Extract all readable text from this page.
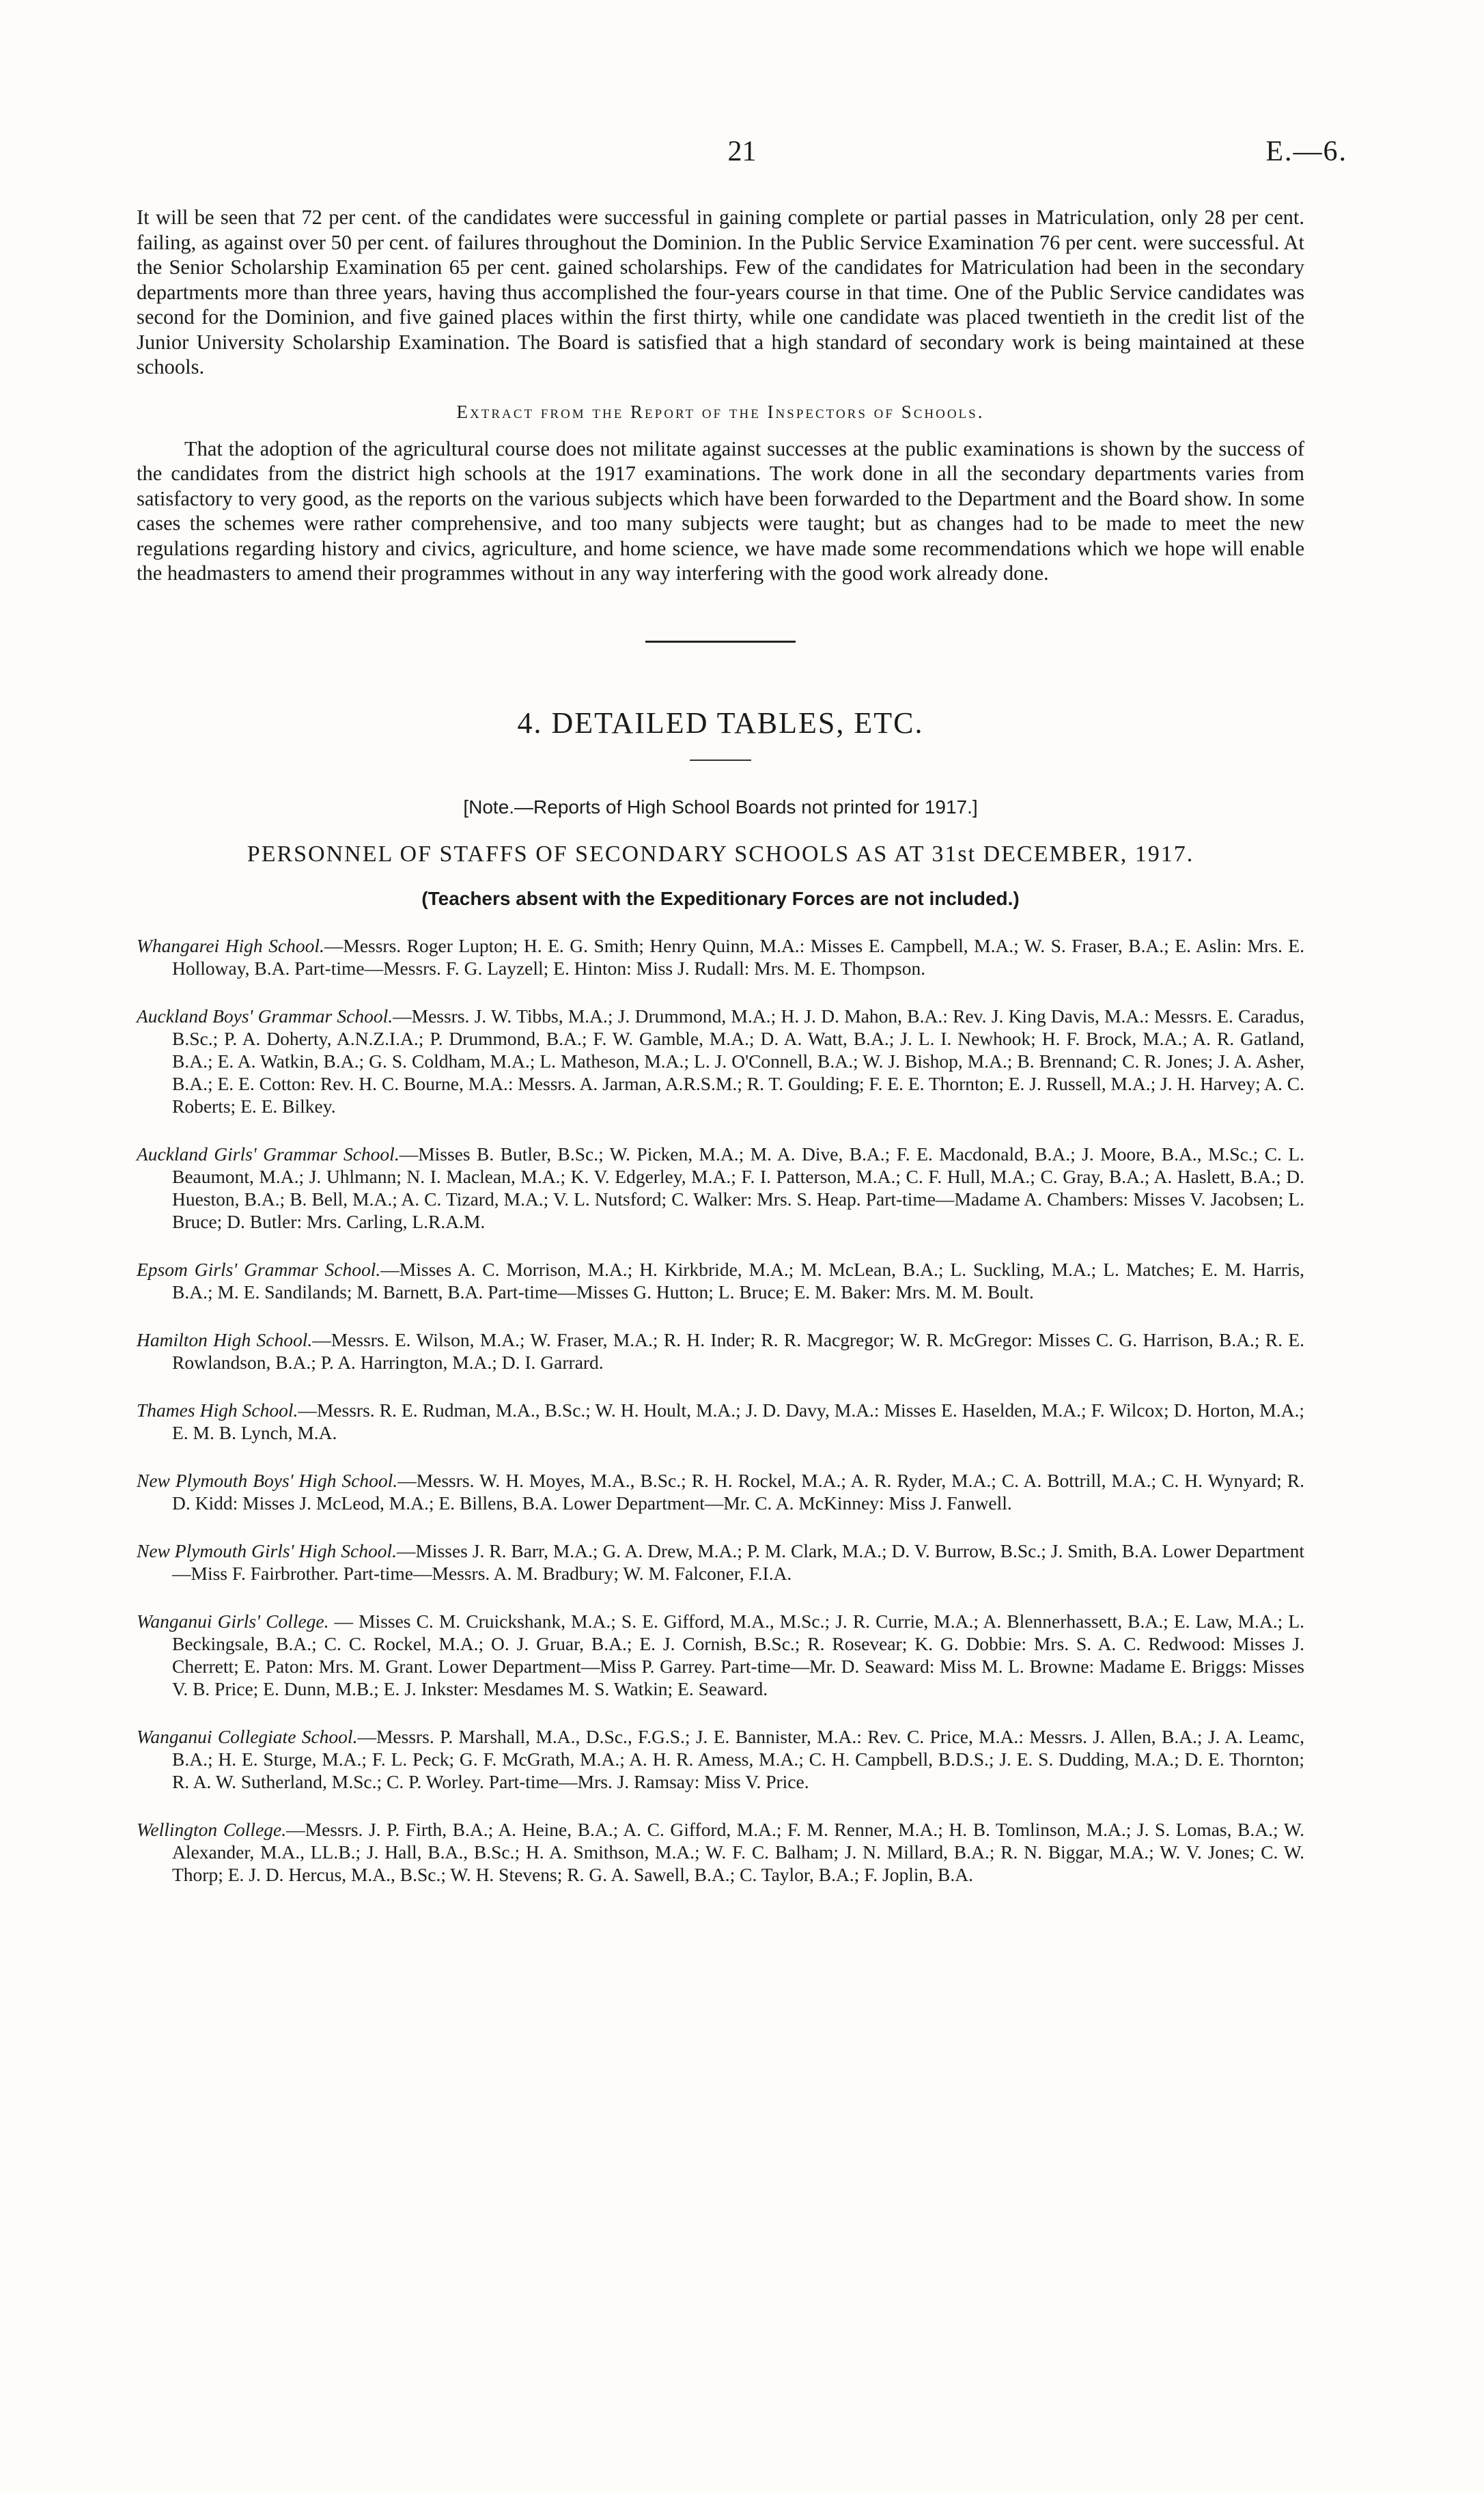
21	E.—6.

It will be seen that 72 per cent. of the candidates were successful in gaining complete or partial passes in Matriculation, only 28 per cent. failing, as against over 50 per cent. of failures throughout the Dominion. In the Public Service Examination 76 per cent. were successful. At the Senior Scholarship Examination 65 per cent. gained scholarships. Few of the candidates for Matriculation had been in the secondary departments more than three years, having thus accomplished the four-years course in that time. One of the Public Service candidates was second for the Dominion, and five gained places within the first thirty, while one candidate was placed twentieth in the credit list of the Junior University Scholarship Examination. The Board is satisfied that a high standard of secondary work is being maintained at these schools.

Extract from the Report of the Inspectors of Schools.

That the adoption of the agricultural course does not militate against successes at the public examinations is shown by the success of the candidates from the district high schools at the 1917 examinations. The work done in all the secondary departments varies from satisfactory to very good, as the reports on the various subjects which have been forwarded to the Department and the Board show. In some cases the schemes were rather comprehensive, and too many subjects were taught; but as changes had to be made to meet the new regulations regarding history and civics, agriculture, and home science, we have made some recommendations which we hope will enable the headmasters to amend their programmes without in any way interfering with the good work already done.

4. DETAILED TABLES, ETC.
[Note.—Reports of High School Boards not printed for 1917.]
PERSONNEL OF STAFFS OF SECONDARY SCHOOLS AS AT 31st DECEMBER, 1917.
(Teachers absent with the Expeditionary Forces are not included.)
Whangarei High School.—Messrs. Roger Lupton; H. E. G. Smith; Henry Quinn, M.A.: Misses E. Campbell, M.A.; W. S. Fraser, B.A.; E. Aslin: Mrs. E. Holloway, B.A. Part-time—Messrs. F. G. Layzell; E. Hinton: Miss J. Rudall: Mrs. M. E. Thompson.
Auckland Boys' Grammar School.—Messrs. J. W. Tibbs, M.A.; J. Drummond, M.A.; H. J. D. Mahon, B.A.: Rev. J. King Davis, M.A.: Messrs. E. Caradus, B.Sc.; P. A. Doherty, A.N.Z.I.A.; P. Drummond, B.A.; F. W. Gamble, M.A.; D. A. Watt, B.A.; J. L. I. Newhook; H. F. Brock, M.A.; A. R. Gatland, B.A.; E. A. Watkin, B.A.; G. S. Coldham, M.A.; L. Matheson, M.A.; L. J. O'Connell, B.A.; W. J. Bishop, M.A.; B. Brennand; C. R. Jones; J. A. Asher, B.A.; E. E. Cotton: Rev. H. C. Bourne, M.A.: Messrs. A. Jarman, A.R.S.M.; R. T. Goulding; F. E. E. Thornton; E. J. Russell, M.A.; J. H. Harvey; A. C. Roberts; E. E. Bilkey.
Auckland Girls' Grammar School.—Misses B. Butler, B.Sc.; W. Picken, M.A.; M. A. Dive, B.A.; F. E. Macdonald, B.A.; J. Moore, B.A., M.Sc.; C. L. Beaumont, M.A.; J. Uhlmann; N. I. Maclean, M.A.; K. V. Edgerley, M.A.; F. I. Patterson, M.A.; C. F. Hull, M.A.; C. Gray, B.A.; A. Haslett, B.A.; D. Hueston, B.A.; B. Bell, M.A.; A. C. Tizard, M.A.; V. L. Nutsford; C. Walker: Mrs. S. Heap. Part-time—Madame A. Chambers: Misses V. Jacobsen; L. Bruce; D. Butler: Mrs. Carling, L.R.A.M.
Epsom Girls' Grammar School.—Misses A. C. Morrison, M.A.; H. Kirkbride, M.A.; M. McLean, B.A.; L. Suckling, M.A.; L. Matches; E. M. Harris, B.A.; M. E. Sandilands; M. Barnett, B.A. Part-time—Misses G. Hutton; L. Bruce; E. M. Baker: Mrs. M. M. Boult.
Hamilton High School.—Messrs. E. Wilson, M.A.; W. Fraser, M.A.; R. H. Inder; R. R. Macgregor; W. R. McGregor: Misses C. G. Harrison, B.A.; R. E. Rowlandson, B.A.; P. A. Harrington, M.A.; D. I. Garrard.
Thames High School.—Messrs. R. E. Rudman, M.A., B.Sc.; W. H. Hoult, M.A.; J. D. Davy, M.A.: Misses E. Haselden, M.A.; F. Wilcox; D. Horton, M.A.; E. M. B. Lynch, M.A.
New Plymouth Boys' High School.—Messrs. W. H. Moyes, M.A., B.Sc.; R. H. Rockel, M.A.; A. R. Ryder, M.A.; C. A. Bottrill, M.A.; C. H. Wynyard; R. D. Kidd: Misses J. McLeod, M.A.; E. Billens, B.A. Lower Department—Mr. C. A. McKinney: Miss J. Fanwell.
New Plymouth Girls' High School.—Misses J. R. Barr, M.A.; G. A. Drew, M.A.; P. M. Clark, M.A.; D. V. Burrow, B.Sc.; J. Smith, B.A. Lower Department—Miss F. Fairbrother. Part-time—Messrs. A. M. Bradbury; W. M. Falconer, F.I.A.
Wanganui Girls' College. — Misses C. M. Cruickshank, M.A.; S. E. Gifford, M.A., M.Sc.; J. R. Currie, M.A.; A. Blennerhassett, B.A.; E. Law, M.A.; L. Beckingsale, B.A.; C. C. Rockel, M.A.; O. J. Gruar, B.A.; E. J. Cornish, B.Sc.; R. Rosevear; K. G. Dobbie: Mrs. S. A. C. Redwood: Misses J. Cherrett; E. Paton: Mrs. M. Grant. Lower Department—Miss P. Garrey. Part-time—Mr. D. Seaward: Miss M. L. Browne: Madame E. Briggs: Misses V. B. Price; E. Dunn, M.B.; E. J. Inkster: Mesdames M. S. Watkin; E. Seaward.
Wanganui Collegiate School.—Messrs. P. Marshall, M.A., D.Sc., F.G.S.; J. E. Bannister, M.A.: Rev. C. Price, M.A.: Messrs. J. Allen, B.A.; J. A. Leamc, B.A.; H. E. Sturge, M.A.; F. L. Peck; G. F. McGrath, M.A.; A. H. R. Amess, M.A.; C. H. Campbell, B.D.S.; J. E. S. Dudding, M.A.; D. E. Thornton; R. A. W. Sutherland, M.Sc.; C. P. Worley. Part-time—Mrs. J. Ramsay: Miss V. Price.
Wellington College.—Messrs. J. P. Firth, B.A.; A. Heine, B.A.; A. C. Gifford, M.A.; F. M. Renner, M.A.; H. B. Tomlinson, M.A.; J. S. Lomas, B.A.; W. Alexander, M.A., LL.B.; J. Hall, B.A., B.Sc.; H. A. Smithson, M.A.; W. F. C. Balham; J. N. Millard, B.A.; R. N. Biggar, M.A.; W. V. Jones; C. W. Thorp; E. J. D. Hercus, M.A., B.Sc.; W. H. Stevens; R. G. A. Sawell, B.A.; C. Taylor, B.A.; F. Joplin, B.A.
